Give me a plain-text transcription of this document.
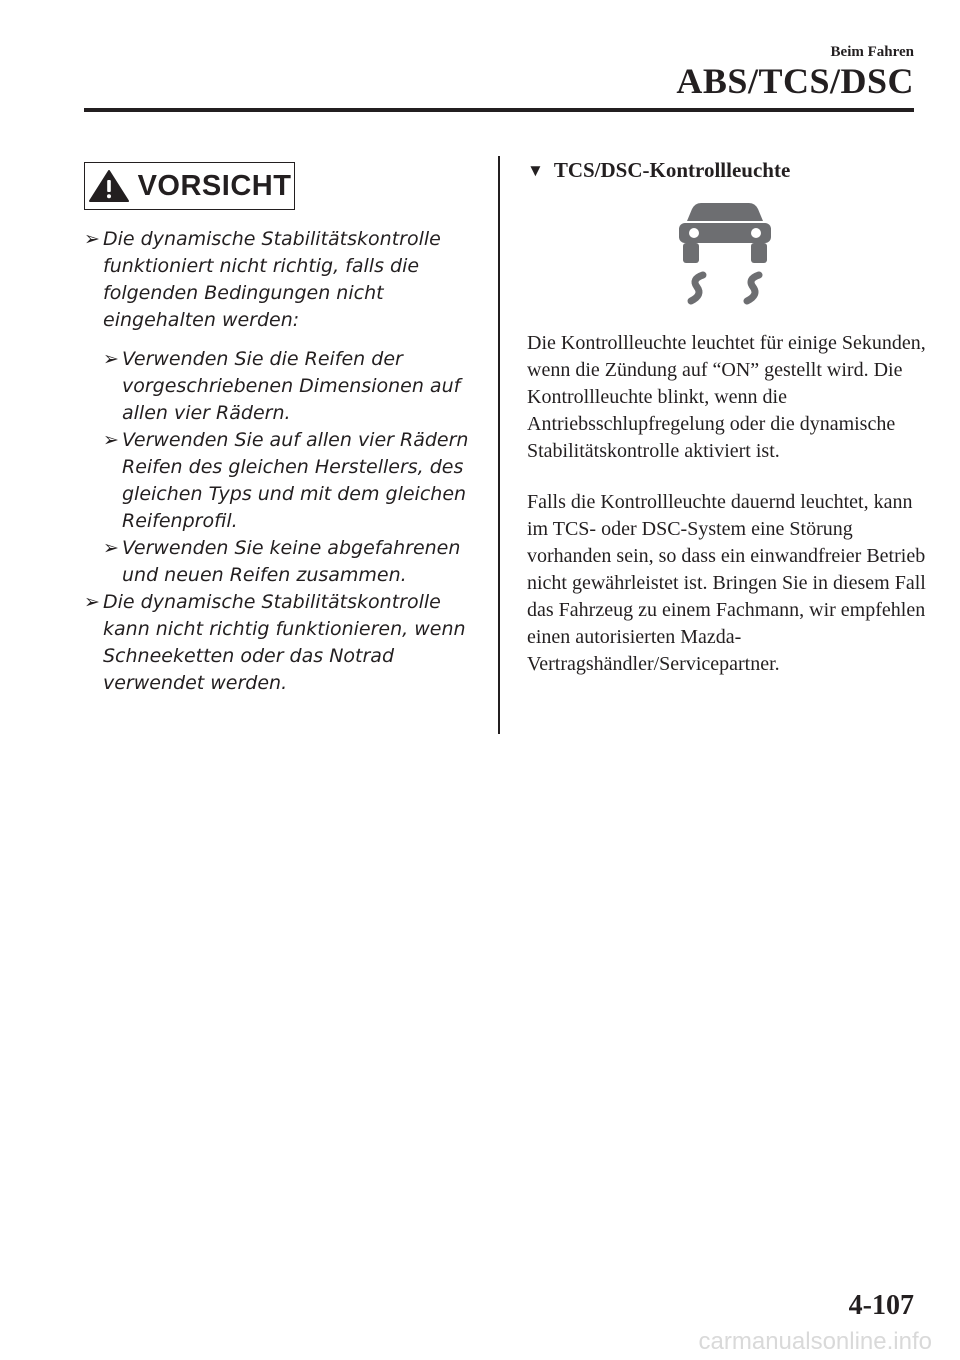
Beim Fahren
ABS/TCS/DSC
VORSICHT

➢ Die dynamische Stabilitätskontrolle funktioniert nicht richtig, falls die folgenden Bedingungen nicht eingehalten werden:

➢ Verwenden Sie die Reifen der vorgeschriebenen Dimensionen auf allen vier Rädern.

➢ Verwenden Sie auf allen vier Rädern Reifen des gleichen Herstellers, des gleichen Typs und mit dem gleichen Reifenprofil.

➢ Verwenden Sie keine abgefahrenen und neuen Reifen zusammen.

➢ Die dynamische Stabilitätskontrolle kann nicht richtig funktionieren, wenn Schneeketten oder das Notrad verwendet werden.

▼ TCS/DSC-Kontrollleuchte

Die Kontrollleuchte leuchtet für einige Sekunden, wenn die Zündung auf “ON” gestellt wird. Die Kontrollleuchte blinkt, wenn die Antriebsschlupfregelung oder die dynamische Stabilitätskontrolle aktiviert ist.

Falls die Kontrollleuchte dauernd leuchtet, kann im TCS- oder DSC-System eine Störung vorhanden sein, so dass ein einwandfreier Betrieb nicht gewährleistet ist. Bringen Sie in diesem Fall das Fahrzeug zu einem Fachmann, wir empfehlen einen autorisierten Mazda-Vertragshändler/Servicepartner.

4-107
carmanualsonline.info
